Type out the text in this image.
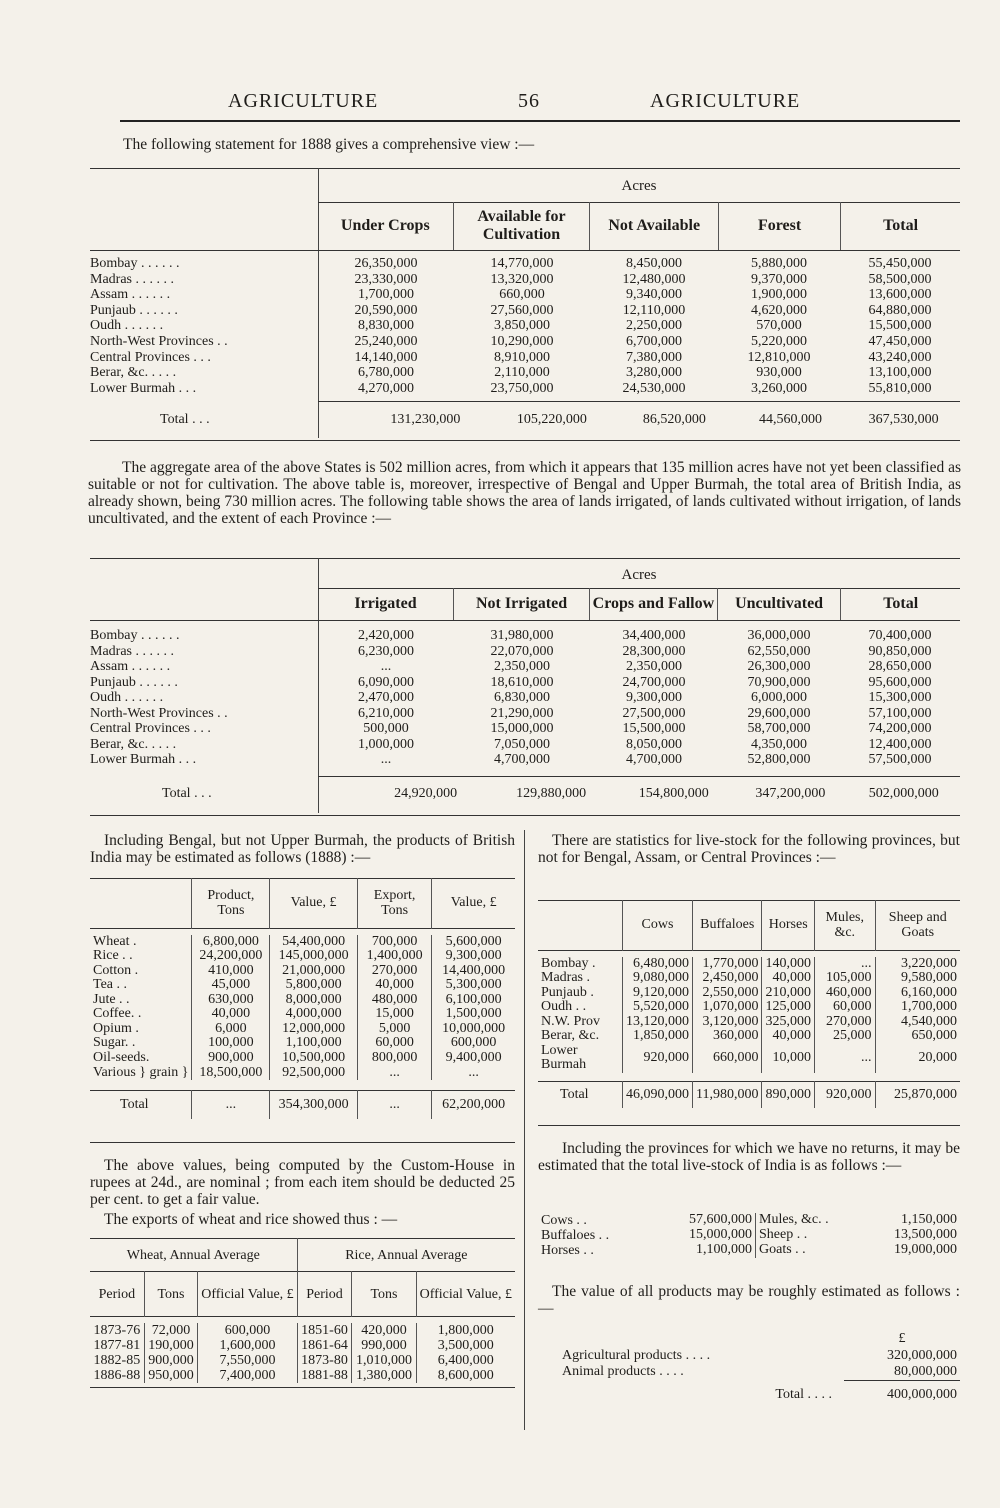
AGRICULTURE	56	AGRICULTURE
The following statement for 1888 gives a comprehensive view :—
Acres
Under Crops	Available for Cultivation	Not Available	Forest	Total
Bombay . . . . . .	26,350,000	14,770,000	8,450,000	5,880,000	55,450,000
Madras . . . . . .	23,330,000	13,320,000	12,480,000	9,370,000	58,500,000
Assam . . . . . .	1,700,000	660,000	9,340,000	1,900,000	13,600,000
Punjaub . . . . . .	20,590,000	27,560,000	12,110,000	4,620,000	64,880,000
Oudh . . . . . .	8,830,000	3,850,000	2,250,000	570,000	15,500,000
North-West Provinces . .	25,240,000	10,290,000	6,700,000	5,220,000	47,450,000
Central Provinces . . .	14,140,000	8,910,000	7,380,000	12,810,000	43,240,000
Berar, &c. . . . .	6,780,000	2,110,000	3,280,000	930,000	13,100,000
Lower Burmah . . .	4,270,000	23,750,000	24,530,000	3,260,000	55,810,000
Total . . .	131,230,000	105,220,000	86,520,000	44,560,000	367,530,000
The aggregate area of the above States is 502 million acres, from which it appears that 135 million acres have not yet been classified as suitable or not for cultivation. The above table is, moreover, irrespective of Bengal and Upper Burmah, the total area of British India, as already shown, being 730 million acres. The following table shows the area of lands irrigated, of lands cultivated without irrigation, of lands uncultivated, and the extent of each Province :—
Acres
Irrigated	Not Irrigated	Crops and Fallow	Uncultivated	Total
Bombay . . . . . .	2,420,000	31,980,000	34,400,000	36,000,000	70,400,000
Madras . . . . . .	6,230,000	22,070,000	28,300,000	62,550,000	90,850,000
Assam . . . . . .	...	2,350,000	2,350,000	26,300,000	28,650,000
Punjaub . . . . . .	6,090,000	18,610,000	24,700,000	70,900,000	95,600,000
Oudh . . . . . .	2,470,000	6,830,000	9,300,000	6,000,000	15,300,000
North-West Provinces . .	6,210,000	21,290,000	27,500,000	29,600,000	57,100,000
Central Provinces . . .	500,000	15,000,000	15,500,000	58,700,000	74,200,000
Berar, &c. . . . .	1,000,000	7,050,000	8,050,000	4,350,000	12,400,000
Lower Burmah . . .	...	4,700,000	4,700,000	52,800,000	57,500,000
Total . . .	24,920,000	129,880,000	154,800,000	347,200,000	502,000,000
Including Bengal, but not Upper Burmah, the products of British India may be estimated as follows (1888) :—
	Product, Tons	Value, £	Export, Tons	Value, £

Wheat .	6,800,000	54,400,000	700,000	5,600,000
Rice . .	24,200,000	145,000,000	1,400,000	9,300,000
Cotton .	410,000	21,000,000	270,000	14,400,000
Tea . .	45,000	5,800,000	40,000	5,300,000
Jute . .	630,000	8,000,000	480,000	6,100,000
Coffee. .	40,000	4,000,000	15,000	1,500,000
Opium .	6,000	12,000,000	5,000	10,000,000
Sugar. .	100,000	1,100,000	60,000	600,000
Oil-seeds.	900,000	10,500,000	800,000	9,400,000
Various } grain }	18,500,000	92,500,000	...	...

Total	...	354,300,000	...	62,200,000
The above values, being computed by the Custom-House in rupees at 24d., are nominal ; from each item should be deducted 25 per cent. to get a fair value.
The exports of wheat and rice showed thus : —
Wheat, Annual Average			Rice, Annual Average		
Period	Tons	Official Value, £	Period	Tons	Official Value, £

1873-76	72,000	600,000	1851-60	420,000	1,800,000
1877-81	190,000	1,600,000	1861-64	990,000	3,500,000
1882-85	900,000	7,550,000	1873-80	1,010,000	6,400,000
1886-88	950,000	7,400,000	1881-88	1,380,000	8,600,000

There are statistics for live-stock for the following provinces, but not for Bengal, Assam, or Central Provinces :—
	Cows	Buffaloes	Horses	Mules, &c.	Sheep and Goats

Bombay .	6,480,000	1,770,000	140,000	...	3,220,000
Madras .	9,080,000	2,450,000	40,000	105,000	9,580,000
Punjaub .	9,120,000	2,550,000	210,000	460,000	6,160,000
Oudh . .	5,520,000	1,070,000	125,000	60,000	1,700,000
N.W. Prov	13,120,000	3,120,000	325,000	270,000	4,540,000
Berar, &c.	1,850,000	360,000	40,000	25,000	650,000
Lower Burmah	920,000	660,000	10,000	...	20,000

Total	46,090,000	11,980,000	890,000	920,000	25,870,000
Including the provinces for which we have no returns, it may be estimated that the total live-stock of India is as follows :—
Cows . .	57,600,000	Mules, &c. .	1,150,000
Buffaloes . .	15,000,000	Sheep . .	13,500,000
Horses . .	1,100,000	Goats . .	19,000,000
The value of all products may be roughly estimated as follows :—
	£
Agricultural products . . . .	320,000,000
Animal products . . . .	80,000,000
Total . . . .	400,000,000
